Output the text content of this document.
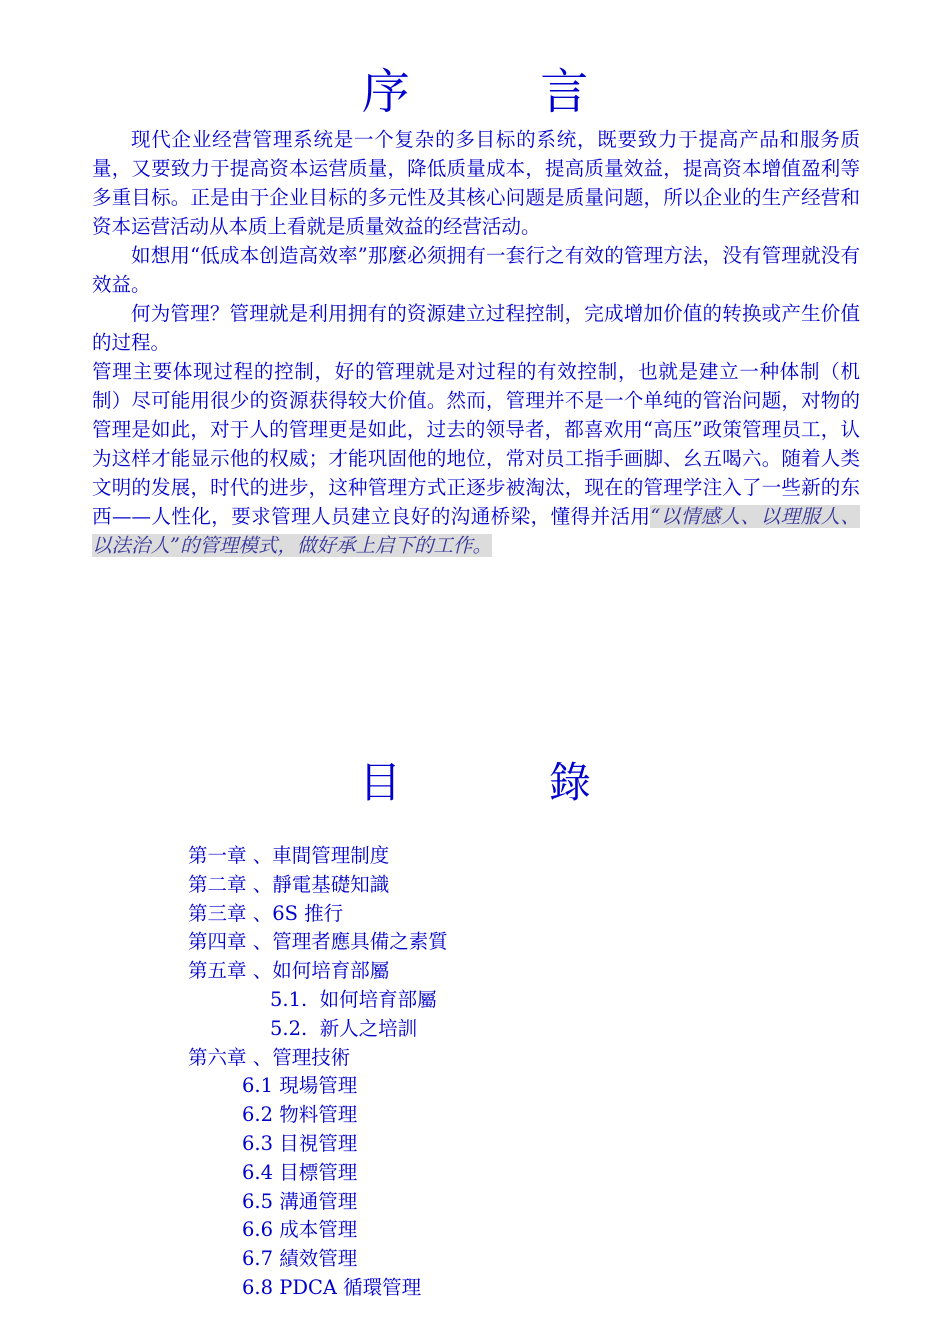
序 言

现代企业经营管理系统是一个复杂的多目标的系统，既要致力于提高产品和服务质量，又要致力于提高资本运营质量，降低质量成本，提高质量效益，提高资本增值盈利等多重目标。正是由于企业目标的多元性及其核心问题是质量问题，所以企业的生产经营和资本运营活动从本质上看就是质量效益的经营活动。

如想用“低成本创造高效率”那麼必须拥有一套行之有效的管理方法，没有管理就没有效益。

何为管理？管理就是利用拥有的资源建立过程控制，完成增加价值的转换或产生价值的过程。

管理主要体现过程的控制，好的管理就是对过程的有效控制，也就是建立一种体制（机制）尽可能用很少的资源获得较大价值。然而，管理并不是一个单纯的管治问题，对物的管理是如此，对于人的管理更是如此，过去的领导者，都喜欢用“高压”政策管理员工，认为这样才能显示他的权威；才能巩固他的地位，常对员工指手画脚、幺五喝六。随着人类文明的发展，时代的进步，这种管理方式正逐步被淘汰，现在的管理学注入了一些新的东西——人性化，要求管理人员建立良好的沟通桥梁，懂得并活用“以情感人、以理服人、以法治人”的管理模式，做好承上启下的工作。

目 錄
第一章 、車間管理制度
第二章 、靜電基礎知識
第三章 、6S 推行
第四章 、管理者應具備之素質
第五章 、如何培育部屬
5.1.  如何培育部屬
5.2.  新人之培訓
第六章 、管理技術
6.1 現場管理
6.2 物料管理
6.3 目視管理
6.4 目標管理
6.5 溝通管理
6.6 成本管理
6.7 績效管理
6.8 PDCA 循環管理
